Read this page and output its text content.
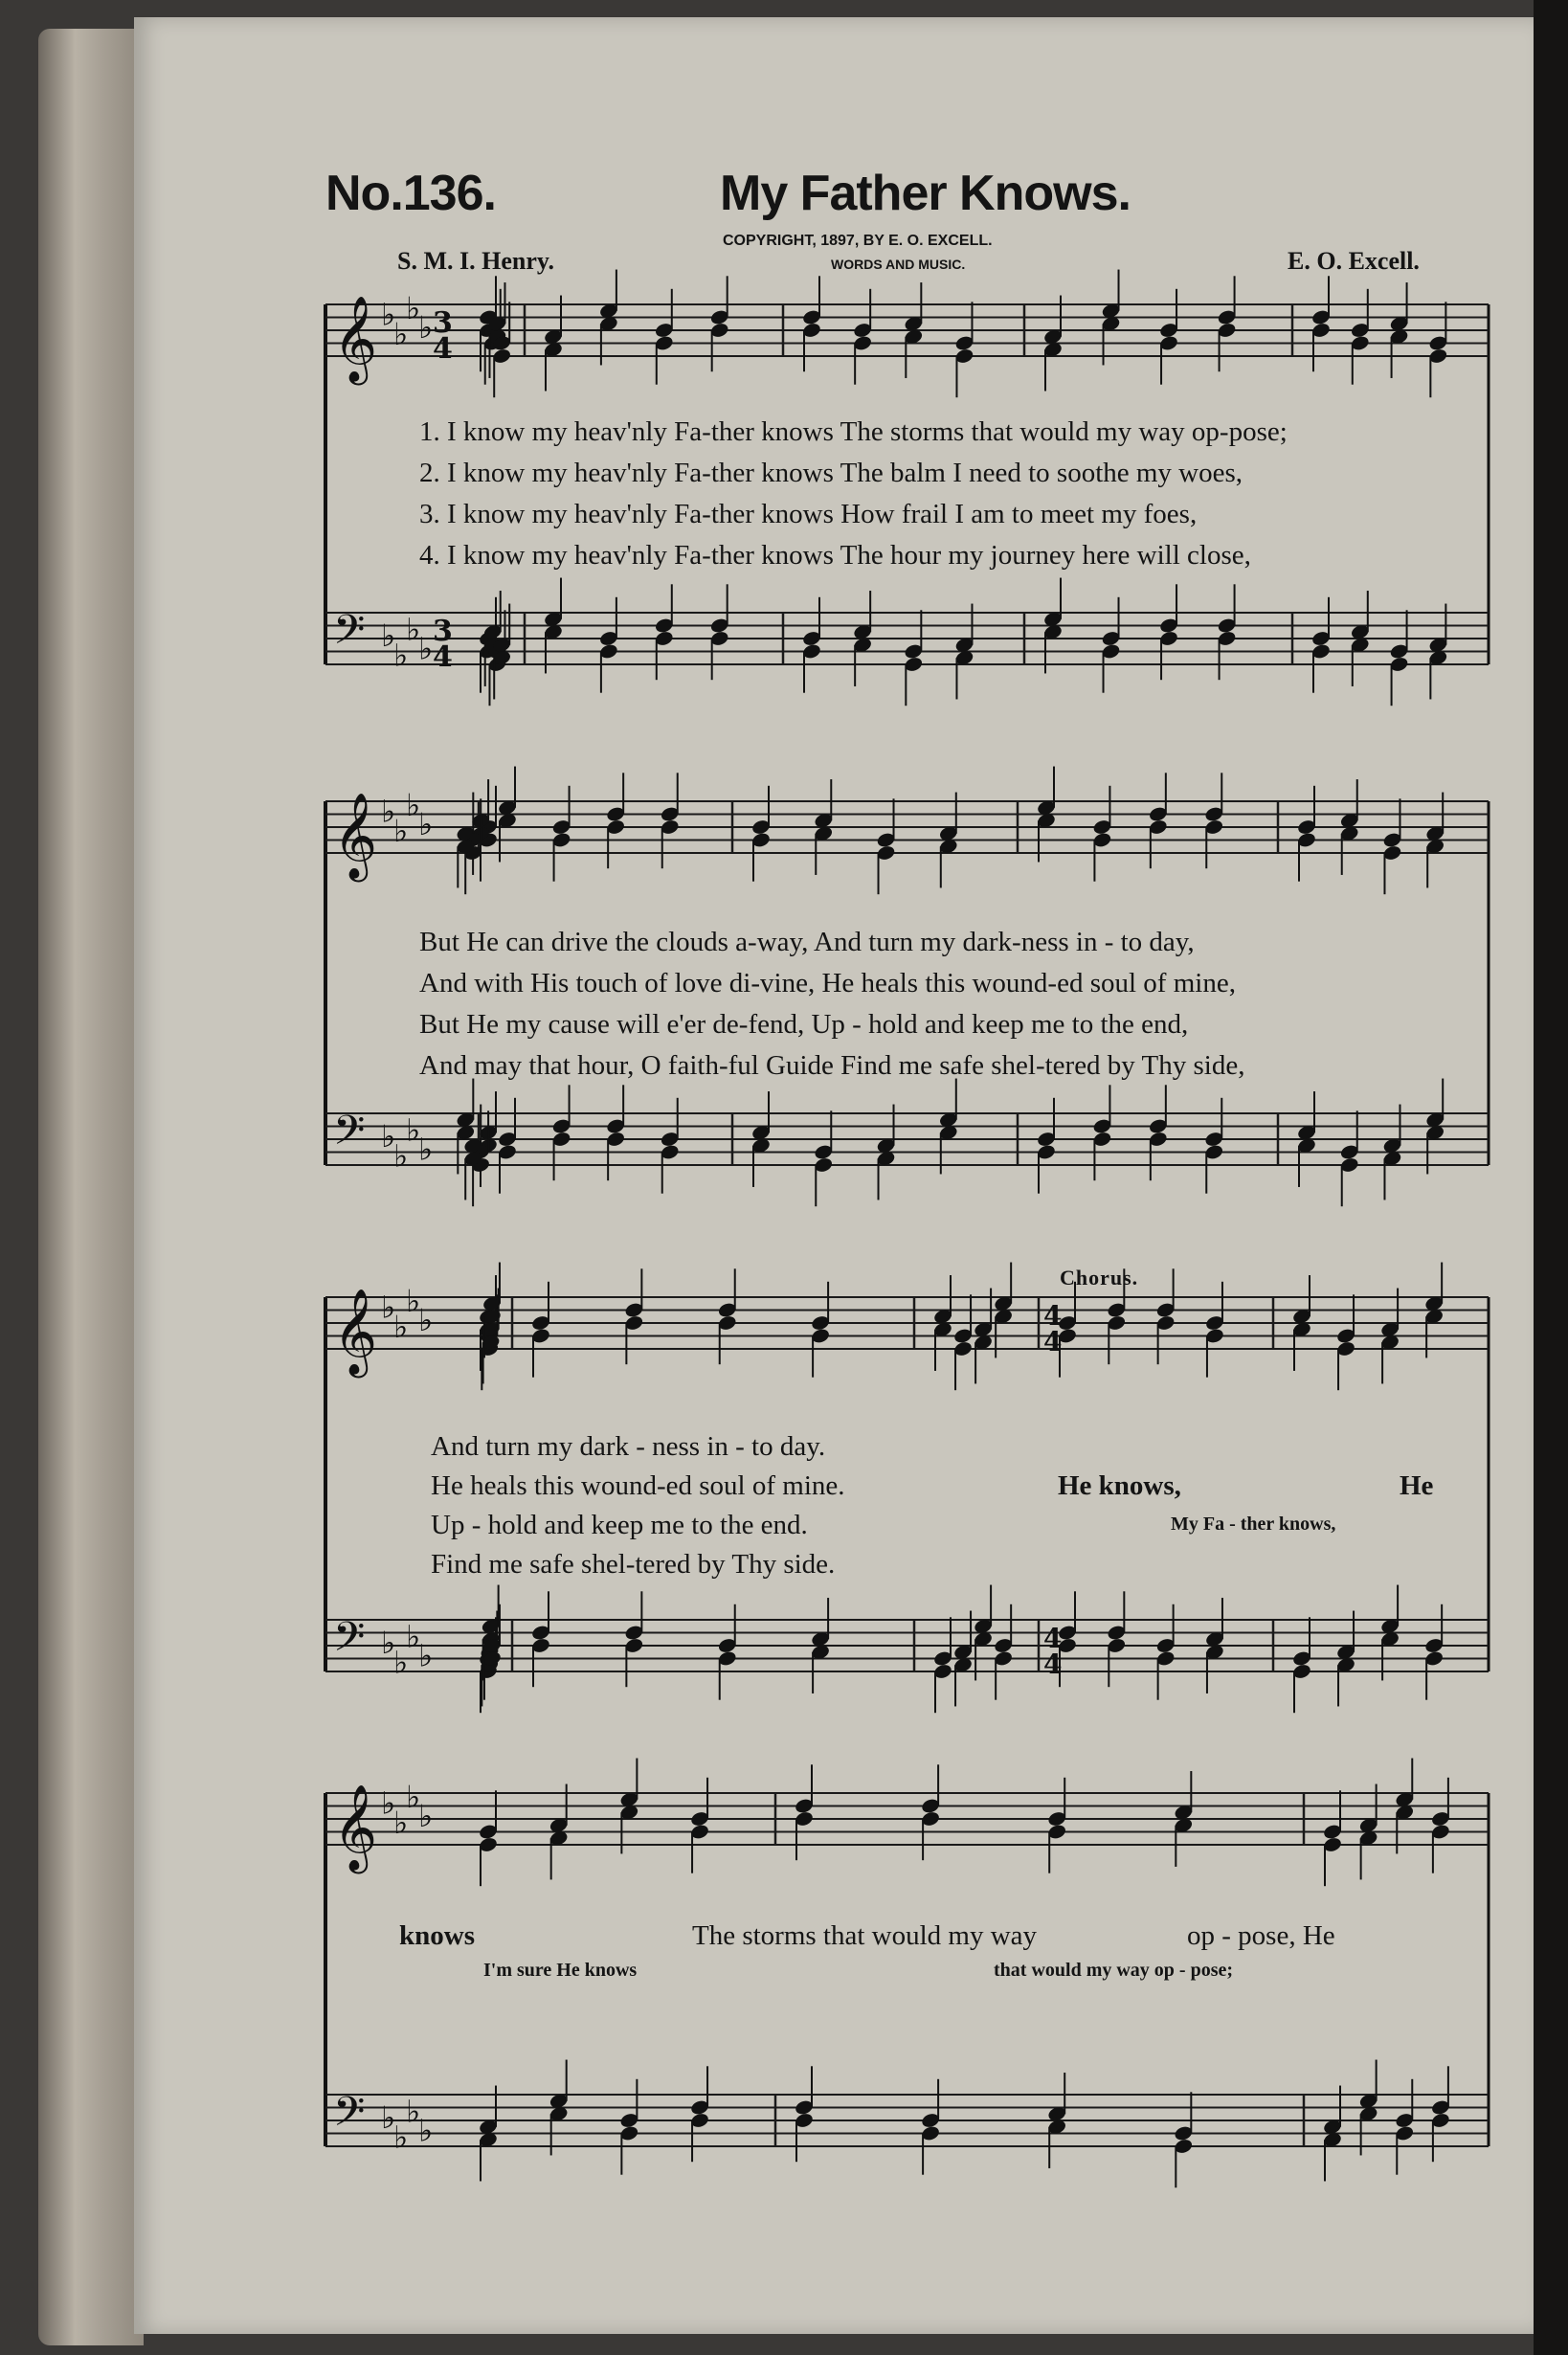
No.136.	My Father Knows.
COPYRIGHT, 1897, BY E. O. EXCELL.
WORDS AND MUSIC.
S. M. I. Henry.	E. O. Excell.
𝄞 ♭
♭
♭
♭
𝄢 ♭
♭
♭
♭
𝄞 ♭
♭
♭
♭
𝄢 ♭
♭
♭
♭
𝄞 ♭
♭
♭
♭
𝄢 ♭
♭
♭
♭
𝄞 ♭
♭
♭
♭
𝄢 ♭
♭
♭
♭
3
4
3
4
4
4
4
4
1. I know my heav'nly Fa-ther knows The storms that would my way op-pose;
2. I know my heav'nly Fa-ther knows The balm I need to soothe my woes,
3. I know my heav'nly Fa-ther knows How frail I am to meet my foes,
4. I know my heav'nly Fa-ther knows The hour my journey here will close,
But He can drive the clouds a-way, And turn my dark-ness in - to day,
And with His touch of love di-vine, He heals this wound-ed soul of mine,
But He my cause will e'er de-fend, Up - hold and keep me to the end,
And may that hour, O faith-ful Guide Find me safe shel-tered by Thy side,
Chorus.
And turn my dark - ness in - to day.
He heals this wound-ed soul of mine.
Up - hold and keep me to the end.
Find me safe shel-tered by Thy side.
He knows,	He
My Fa - ther knows,
knows	The storms that would my way	op - pose, He
I'm sure He knows	that would my way op - pose;
